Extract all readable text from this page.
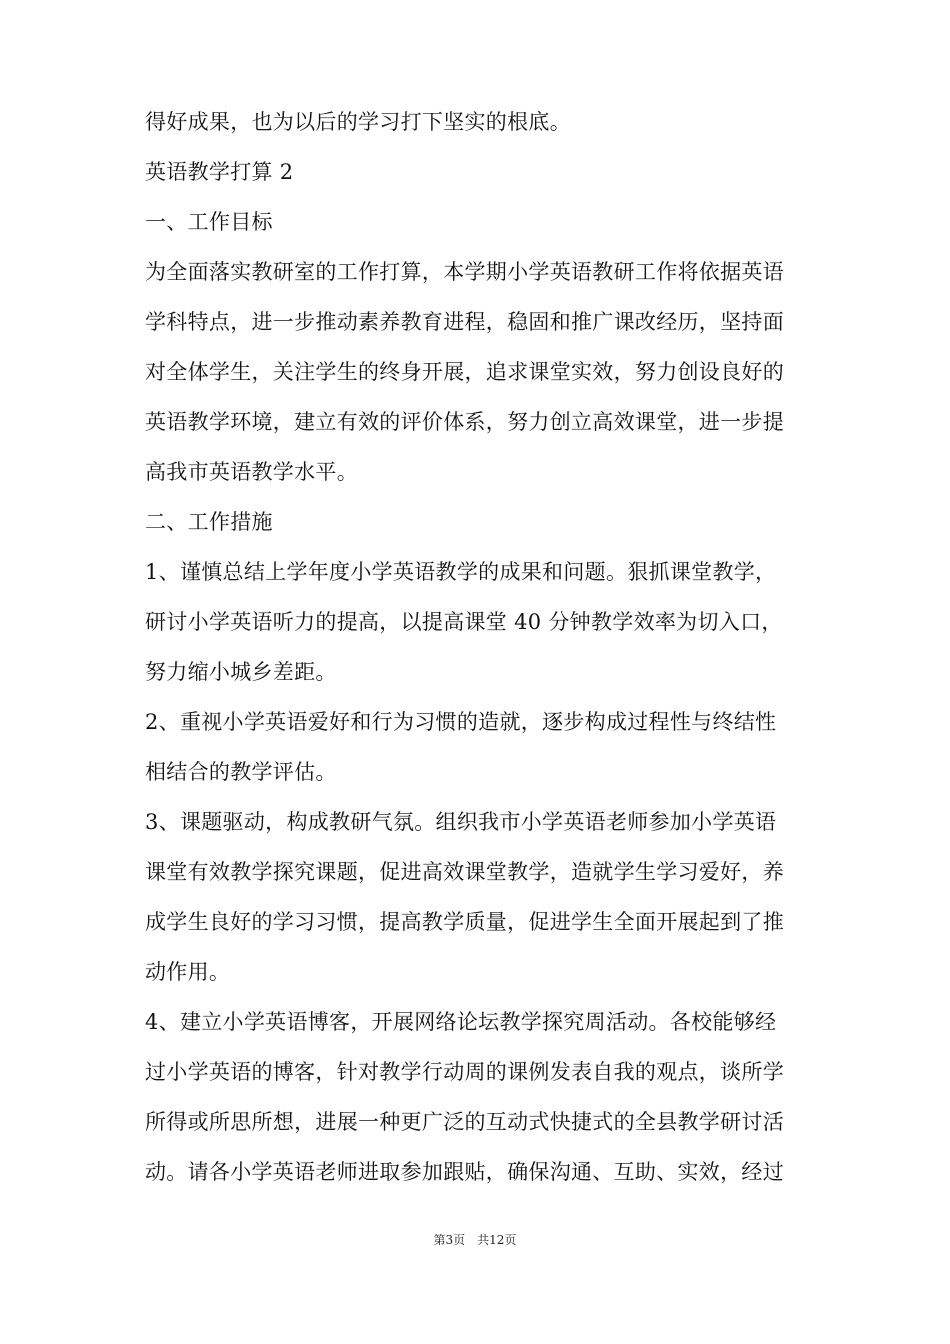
得好成果，也为以后的学习打下坚实的根底。

英语教学打算 2

一、工作目标

为全面落实教研室的工作打算，本学期小学英语教研工作将依据英语

学科特点，进一步推动素养教育进程，稳固和推广课改经历，坚持面

对全体学生，关注学生的终身开展，追求课堂实效，努力创设良好的

英语教学环境，建立有效的评价体系，努力创立高效课堂，进一步提

高我市英语教学水平。

二、工作措施

1、谨慎总结上学年度小学英语教学的成果和问题。狠抓课堂教学，

研讨小学英语听力的提高，以提高课堂 40 分钟教学效率为切入口，

努力缩小城乡差距。

2、重视小学英语爱好和行为习惯的造就，逐步构成过程性与终结性

相结合的教学评估。

3、课题驱动，构成教研气氛。组织我市小学英语老师参加小学英语

课堂有效教学探究课题，促进高效课堂教学，造就学生学习爱好，养

成学生良好的学习习惯，提高教学质量，促进学生全面开展起到了推

动作用。

4、建立小学英语博客，开展网络论坛教学探究周活动。各校能够经

过小学英语的博客，针对教学行动周的课例发表自我的观点，谈所学

所得或所思所想，进展一种更广泛的互动式快捷式的全县教学研讨活

动。请各小学英语老师进取参加跟贴，确保沟通、互助、实效，经过

第3页 共12页
